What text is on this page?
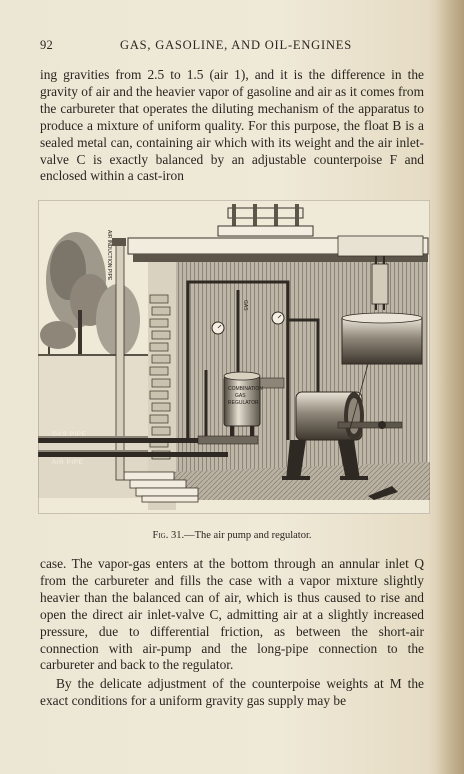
92	GAS, GASOLINE, AND OIL-ENGINES

ing gravities from 2.5 to 1.5 (air 1), and it is the difference in the gravity of air and the heavier vapor of gasoline and air as it comes from the carbureter that operates the diluting mechanism of the apparatus to produce a mixture of uniform quality. For this purpose, the float B is a sealed metal can, containing air which with its weight and the air inlet-valve C is exactly balanced by an adjustable counterpoise F and enclosed within a cast-iron

AIR INDUCTION PIPE
GAS PIPE
AIR PIPE
GAS
COMBINATION
GAS
REGULATOR
Fig. 31.—The air pump and regulator.

case. The vapor-gas enters at the bottom through an annular inlet Q from the carbureter and fills the case with a vapor mixture slightly heavier than the balanced can of air, which is thus caused to rise and open the direct air inlet-valve C, admitting air at a slightly increased pressure, due to differential friction, as between the short-air connection with air-pump and the long-pipe connection to the carbureter and back to the regulator.

By the delicate adjustment of the counterpoise weights at M the exact conditions for a uniform gravity gas supply may be
